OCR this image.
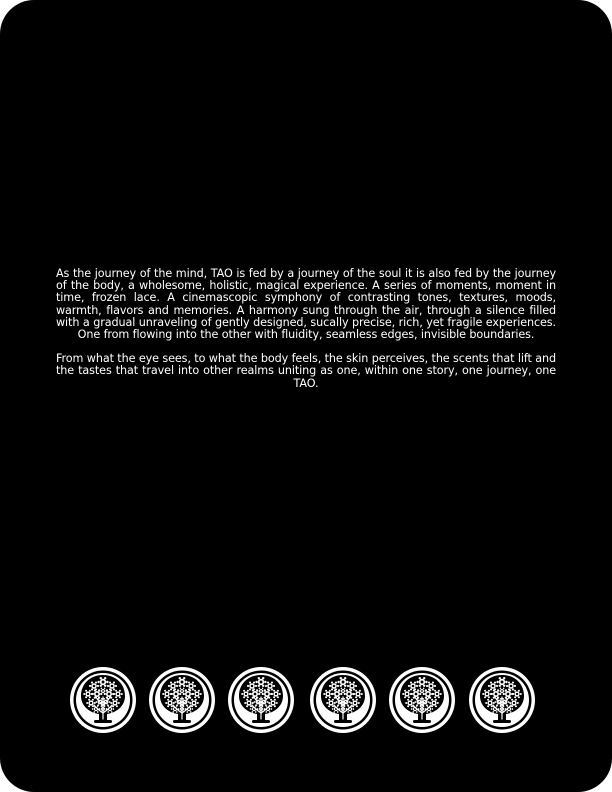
As the journey of the mind, TAO is fed by a journey of the soul it is also fed by the journey of the body, a wholesome, holistic, magical experience. A series of moments, moment in time, frozen lace. A cinemascopic symphony of contrasting tones, textures, moods, warmth, flavors and memories. A harmony sung through the air, through a silence filled with a gradual unraveling of gently designed, sucally precise, rich, yet fragile experiences. One from flowing into the other with fluidity, seamless edges, invisible boundaries.

From what the eye sees, to what the body feels, the skin perceives, the scents that lift and the tastes that travel into other realms uniting as one, within one story, one journey, one TAO.
